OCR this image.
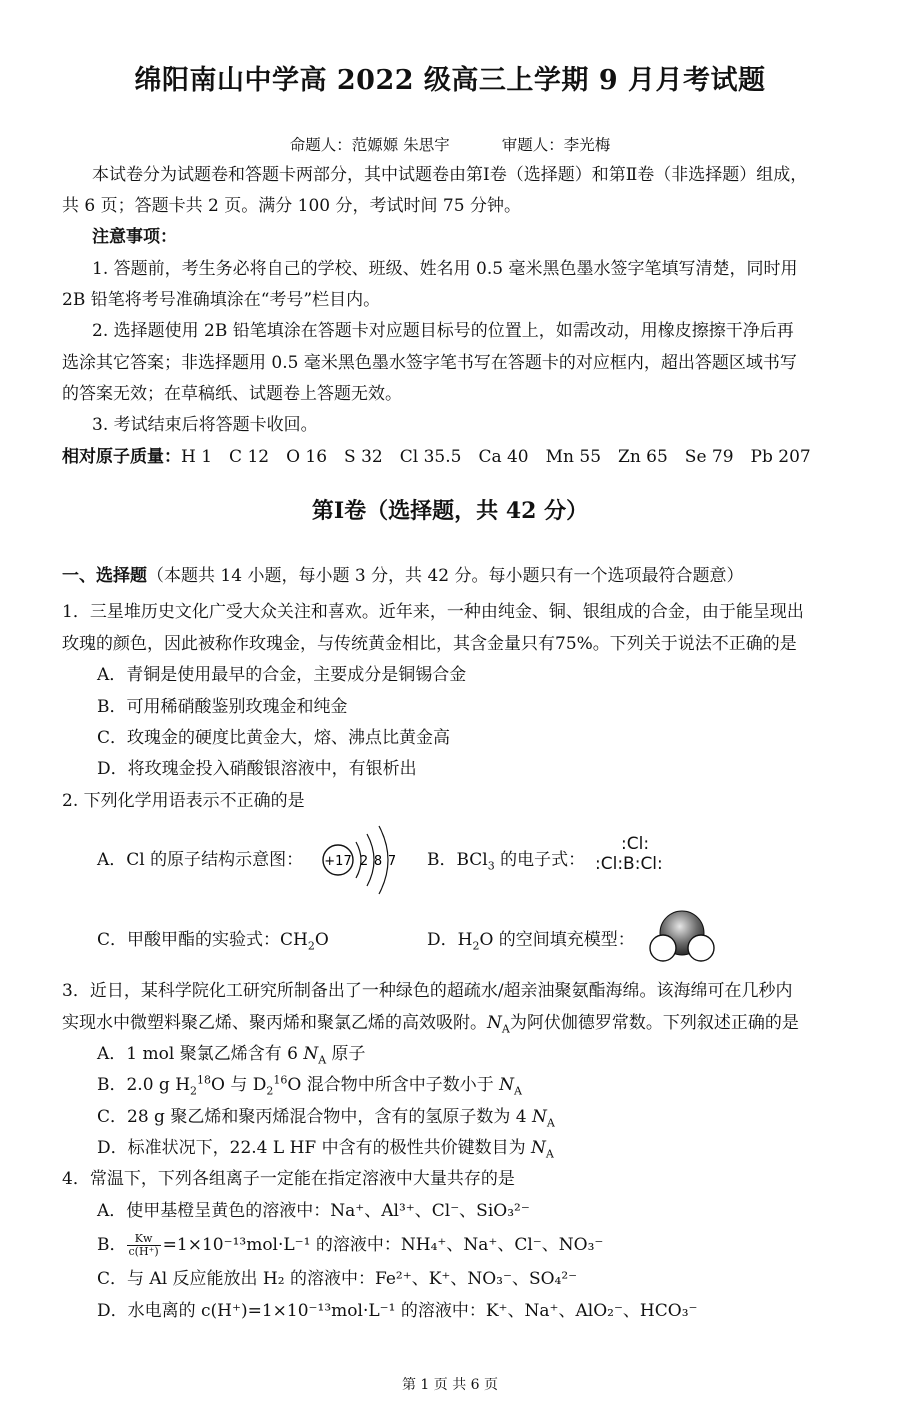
绵阳南山中学高 2022 级高三上学期 9 月月考试题
命题人：范嫄嫄 朱思宇	审题人：李光梅
本试卷分为试题卷和答题卡两部分，其中试题卷由第Ⅰ卷（选择题）和第Ⅱ卷（非选择题）组成，
共 6 页；答题卡共 2 页。满分 100 分，考试时间 75 分钟。
注意事项：
1. 答题前，考生务必将自己的学校、班级、姓名用 0.5 毫米黑色墨水签字笔填写清楚，同时用
2B 铅笔将考号准确填涂在“考号”栏目内。
2. 选择题使用 2B 铅笔填涂在答题卡对应题目标号的位置上，如需改动，用橡皮擦擦干净后再
选涂其它答案；非选择题用 0.5 毫米黑色墨水签字笔书写在答题卡的对应框内，超出答题区域书写
的答案无效；在草稿纸、试题卷上答题无效。
3. 考试结束后将答题卡收回。
相对原子质量：H 1　C 12　O 16　S 32　Cl 35.5　Ca 40　Mn 55　Zn 65　Se 79　Pb 207
第Ⅰ卷（选择题，共 42 分）
一、选择题（本题共 14 小题，每小题 3 分，共 42 分。每小题只有一个选项最符合题意）
1．三星堆历史文化广受大众关注和喜欢。近年来，一种由纯金、铜、银组成的合金，由于能呈现出
玫瑰的颜色，因此被称作玫瑰金，与传统黄金相比，其含金量只有75%。下列关于说法不正确的是
A．青铜是使用最早的合金，主要成分是铜锡合金
B．可用稀硝酸鉴别玫瑰金和纯金
C．玫瑰金的硬度比黄金大，熔、沸点比黄金高
D．将玫瑰金投入硝酸银溶液中，有银析出
2. 下列化学用语表示不正确的是
A．Cl 的原子结构示意图： +17 2 8 7 B．BCl$_3$ 的电子式：
:Cl:
:Cl:B:Cl:
C．甲酸甲酯的实验式：$CH_2O$	D．$H_2O$ 的空间填充模型：
3．近日，某科学院化工研究所制备出了一种绿色的超疏水/超亲油聚氨酯海绵。该海绵可在几秒内
实现水中微塑料聚乙烯、聚丙烯和聚氯乙烯的高效吸附。$N_A$为阿伏伽德罗常数。下列叙述正确的是
A．1 mol 聚氯乙烯含有 6 $N_A$ 原子
B．2.0 g $H_2^{18}O$ 与 $D_2^{16}O$ 混合物中所含中子数小于 $N_A$
C．28 g 聚乙烯和聚丙烯混合物中，含有的氢原子数为 4 $N_A$
D．标准状况下，22.4 L HF 中含有的极性共价键数目为 $N_A$
4．常温下，下列各组离子一定能在指定溶液中大量共存的是
A．使甲基橙呈黄色的溶液中：Na⁺、Al³⁺、Cl⁻、SiO₃²⁻
B． $\frac{Kw}{c(H^+)} =1\times 10^{-13}mol\cdot L^{-1}$ 的溶液中：NH₄⁺、Na⁺、Cl⁻、NO₃⁻
C．与 Al 反应能放出 H₂ 的溶液中：Fe²⁺、K⁺、NO₃⁻、SO₄²⁻
D．水电离的 c(H⁺)=1×10⁻¹³mol·L⁻¹ 的溶液中：K⁺、Na⁺、AlO₂⁻、HCO₃⁻
第 1 页 共 6 页
